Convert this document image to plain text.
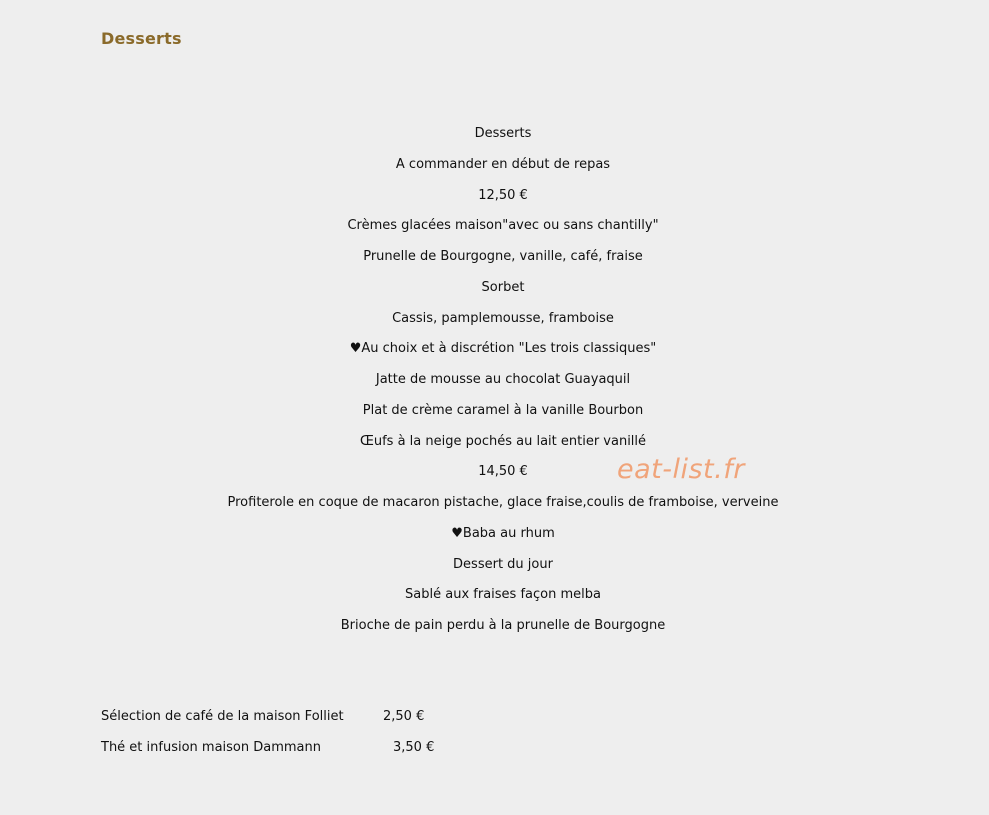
Desserts
Desserts
A commander en début de repas
12,50 €
Crèmes glacées maison"avec ou sans chantilly"
Prunelle de Bourgogne, vanille, café, fraise
Sorbet
Cassis, pamplemousse, framboise
♥Au choix et à discrétion "Les trois classiques"
Jatte de mousse au chocolat Guayaquil
Plat de crème caramel à la vanille Bourbon
Œufs à la neige pochés au lait entier vanillé
14,50 €
Profiterole en coque de macaron pistache, glace fraise,coulis de framboise, verveine
♥Baba au rhum
Dessert du jour
Sablé aux fraises façon melba
Brioche de pain perdu à la prunelle de Bourgogne
eat-list.fr
Sélection de café de la maison Folliet	2,50 €
Thé et infusion maison Dammann	3,50 €
